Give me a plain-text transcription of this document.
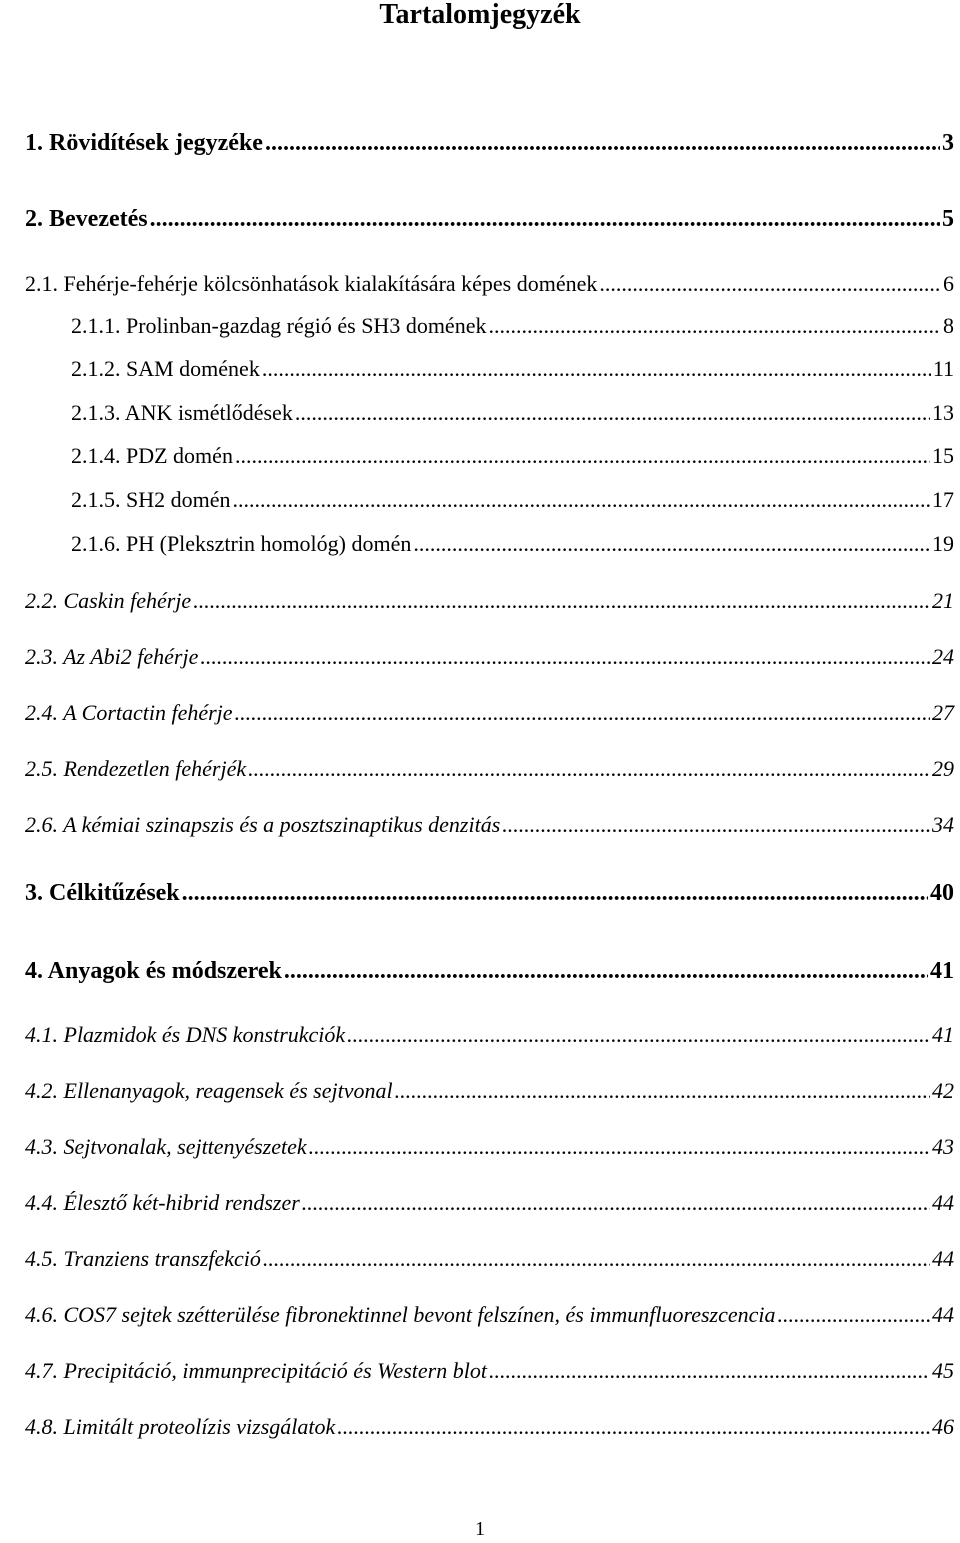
Tartalomjegyzék
1. Rövidítések jegyzéke .....	3
2. Bevezetés .....	5
2.1. Fehérje-fehérje kölcsönhatások kialakítására képes domének .....	6
2.1.1. Prolinban-gazdag régió és SH3 domének .....	8
2.1.2. SAM domének .....	11
2.1.3. ANK ismétlődések .....	13
2.1.4. PDZ domén .....	15
2.1.5. SH2 domén .....	17
2.1.6. PH (Pleksztrin homológ) domén .....	19
2.2. Caskin fehérje .....	21
2.3. Az Abi2 fehérje .....	24
2.4. A Cortactin fehérje .....	27
2.5. Rendezetlen fehérjék .....	29
2.6. A kémiai szinapszis és a posztszinaptikus denzitás .....	34
3. Célkitűzések .....	40
4. Anyagok és módszerek .....	41
4.1. Plazmidok és DNS konstrukciók .....	41
4.2. Ellenanyagok, reagensek és sejtvonal .....	42
4.3. Sejtvonalak, sejttenyészetek .....	43
4.4. Élesztő két-hibrid rendszer .....	44
4.5. Tranziens transzfekció .....	44
4.6. COS7 sejtek szétterülése fibronektinnel bevont felszínen, és immunfluoreszcencia .....	44
4.7. Precipitáció, immunprecipitáció és Western blot .....	45
4.8. Limitált proteolízis vizsgálatok .....	46
1
